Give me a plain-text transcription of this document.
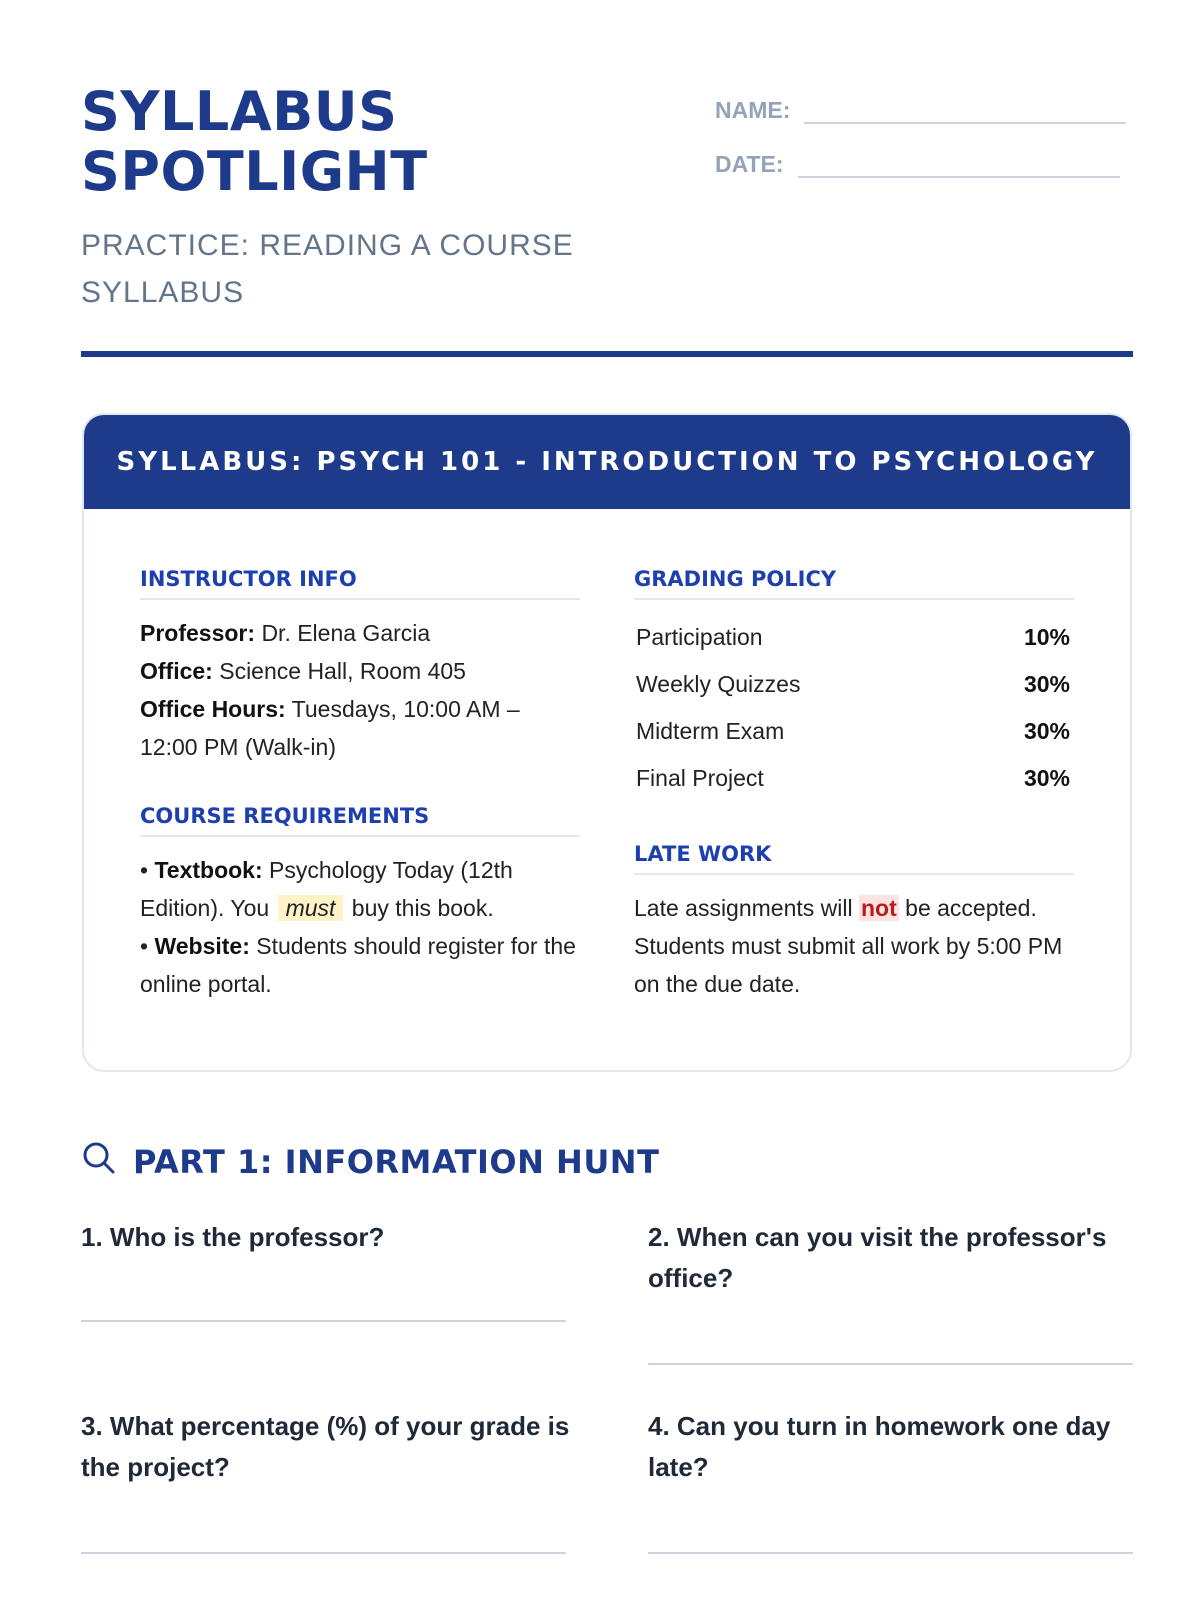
SYLLABUS
SPOTLIGHT
PRACTICE: READING A COURSE SYLLABUS
NAME:
DATE:
SYLLABUS: PSYCH 101 - INTRODUCTION TO PSYCHOLOGY
INSTRUCTOR INFO
Professor: Dr. Elena Garcia
Office: Science Hall, Room 405
Office Hours: Tuesdays, 10:00 AM – 12:00 PM (Walk-in)
COURSE REQUIREMENTS
• Textbook: Psychology Today (12th Edition). You must buy this book.
• Website: Students should register for the online portal.
GRADING POLICY
Participation	10%
Weekly Quizzes	30%
Midterm Exam	30%
Final Project	30%
LATE WORK
Late assignments will not be accepted. Students must submit all work by 5:00 PM on the due date.
PART 1: INFORMATION HUNT
1. Who is the professor?	2. When can you visit the professor's office?
3. What percentage (%) of your grade is the project?
4. Can you turn in homework one day late?
